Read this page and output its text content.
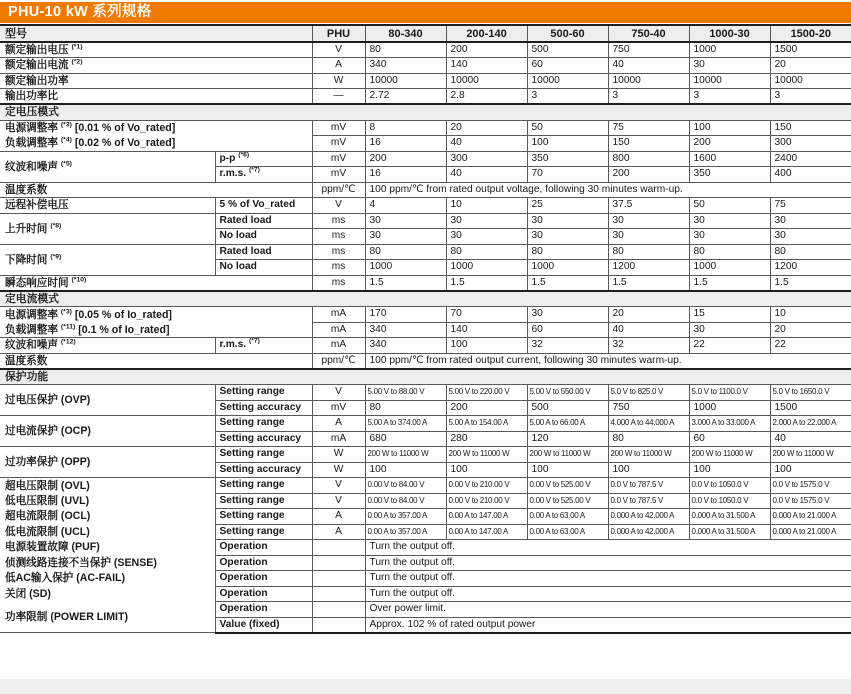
PHU-10 kW 系列规格
型号		PHU	80-340	200-140	500-60	750-40	1000-30	1500-20
额定输出电压 $^{(*1)}$		V	80	200	500	750	1000	1500
额定输出电流 $^{(*2)}$		A	340	140	60	40	30	20
额定输出功率		W	10000	10000	10000	10000	10000	10000
输出功率比		—	2.72	2.8	3	3	3	3
定电压模式								
电源调整率 $^{(*3)}$ [0.01 % of Vo_rated]		mV	8	20	50	75	100	150
负载调整率 $^{(*4)}$ [0.02 % of Vo_rated]		mV	16	40	100	150	200	300
纹波和噪声 $^{(*5)}$	p-p $^{(*6)}$	mV	200	300	350	800	1600	2400
	r.m.s. $^{(*7)}$	mV	16	40	70	200	350	400
温度系数		ppm/℃	100 ppm/℃ from rated output voltage, following 30 minutes warm-up.					
远程补偿电压	5 % of Vo_rated	V	4	10	25	37.5	50	75
上升时间 $^{(*8)}$	Rated load	ms	30	30	30	30	30	30
	No load	ms	30	30	30	30	30	30
下降时间 $^{(*9)}$	Rated load	ms	80	80	80	80	80	80
	No load	ms	1000	1000	1000	1200	1000	1200
瞬态响应时间 $^{(*10)}$		ms	1.5	1.5	1.5	1.5	1.5	1.5
定电流模式								
电源调整率 $^{(*3)}$ [0.05 % of Io_rated]		mA	170	70	30	20	15	10
负载调整率 $^{(*11)}$ [0.1 % of Io_rated]		mA	340	140	60	40	30	20
纹波和噪声 $^{(*12)}$	r.m.s. $^{(*7)}$	mA	340	100	32	32	22	22
温度系数		ppm/℃	100 ppm/℃ from rated output current, following 30 minutes warm-up.					
保护功能								
过电压保护 (OVP)	Setting range	V	5.00 V to 88.00 V	5.00 V to 220.00 V	5.00 V to 550.00 V	5.0 V to 825.0 V	5.0 V to 1100.0 V	5.0 V to 1650.0 V
	Setting accuracy	mV	80	200	500	750	1000	1500
过电流保护 (OCP)	Setting range	A	5.00 A to 374.00 A	5.00 A to 154.00 A	5.00 A to 66.00 A	4.000 A to 44.000 A	3.000 A to 33.000 A	2.000 A to 22.000 A
	Setting accuracy	mA	680	280	120	80	60	40
过功率保护 (OPP)	Setting range	W	200 W to 11000 W	200 W to 11000 W	200 W to 11000 W	200 W to 11000 W	200 W to 11000 W	200 W to 11000 W
	Setting accuracy	W	100	100	100	100	100	100
超电压限制 (OVL)	Setting range	V	0.00 V to 84.00 V	0.00 V to 210.00 V	0.00 V to 525.00 V	0.0 V to 787.5 V	0.0 V to 1050.0 V	0.0 V to 1575.0 V
低电压限制 (UVL)	Setting range	V	0.00 V to 84.00 V	0.00 V to 210.00 V	0.00 V to 525.00 V	0.0 V to 787.5 V	0.0 V to 1050.0 V	0.0 V to 1575.0 V
超电流限制 (OCL)	Setting range	A	0.00 A to 357.00 A	0.00 A to 147.00 A	0.00 A to 63.00 A	0.000 A to 42.000 A	0.000 A to 31.500 A	0.000 A to 21.000 A
低电流限制 (UCL)	Setting range	A	0.00 A to 357.00 A	0.00 A to 147.00 A	0.00 A to 63.00 A	0.000 A to 42.000 A	0.000 A to 31.500 A	0.000 A to 21.000 A
电源装置故障 (PUF)	Operation		Turn the output off.					
侦测线路连接不当保护 (SENSE)	Operation		Turn the output off.					
低AC输入保护 (AC-FAIL)	Operation		Turn the output off.					
关闭 (SD)	Operation		Turn the output off.					
功率限制 (POWER LIMIT)	Operation		Over power limit.					
	Value (fixed)		Approx. 102 % of rated output power					
